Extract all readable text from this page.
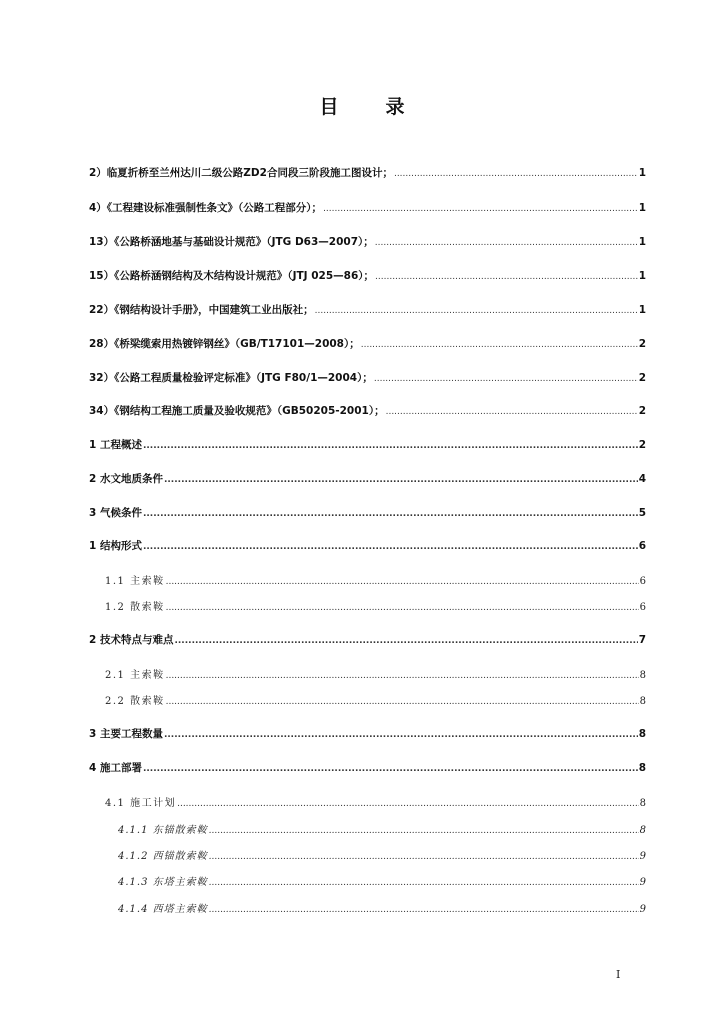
目　录
2）临夏折桥至兰州达川二级公路ZD2合同段三阶段施工图设计； .....	1
4）《工程建设标准强制性条文》（公路工程部分）； .....	1
13）《公路桥涵地基与基础设计规范》（JTG D63—2007）； .....	1
15）《公路桥涵钢结构及木结构设计规范》（JTJ 025—86）； .....	1
22）《钢结构设计手册》，中国建筑工业出版社； .....	1
28）《桥梁缆索用热镀锌钢丝》（GB/T17101—2008）； .....	2
32）《公路工程质量检验评定标准》（JTG F80/1—2004）； .....	2
34）《钢结构工程施工质量及验收规范》（GB50205-2001）； .....	2
1 工程概述 .....	2
2 水文地质条件 .....	4
3 气候条件 .....	5
1 结构形式 .....	6
1.1 主索鞍 .....	6
1.2 散索鞍 .....	6
2 技术特点与难点 .....	7
2.1 主索鞍 .....	8
2.2 散索鞍 .....	8
3 主要工程数量 .....	8
4 施工部署 .....	8
4.1 施工计划 .....	8
4.1.1 东锚散索鞍 .....	8
4.1.2 西锚散索鞍 .....	9
4.1.3 东塔主索鞍 .....	9
4.1.4 西塔主索鞍 .....	9
I
